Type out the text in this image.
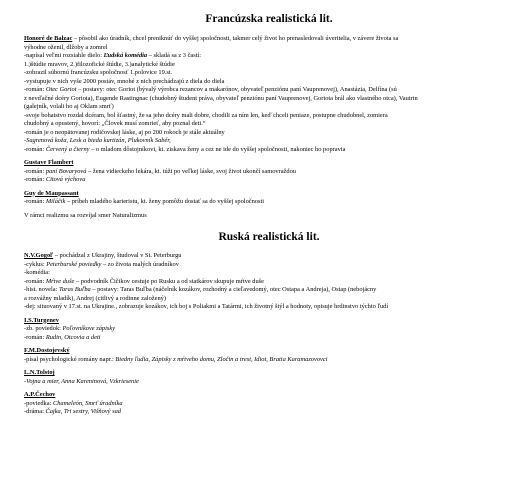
Francúzska realistická lit.
Honoré de Balzac – pôsobil ako úradník, chcel preniknúť do vyššej spoločnosti, takmer celý život ho prenasledovali úveritelia, v závere života sa
výhodne oženil, dlžoby a zomrel
-napísal veľmi rozsiahle dielo: Ľudská komédia – skladá sa z 3 častí:
1.)štúdie mravov, 2.)filozofické štúdie, 3.)analytické štúdie
-zobrazil súbornú francúzsku spoločnosť 1.polovice 19.st.
-vystupuje v nich vyše 2000 postáv, mnohé z nich prechádzajú z diela do diela
-román: Otec Goriot – postavy: otec Goriot (bývalý výrobca rezancov a makarónov, obyvateľ penziónu paní Vauprenovej), Anastázia, Delfína (sú
z nevďačné dcéry Goriota), Eugende Rastingnac (chudobný študent práva, obyvateľ penziónu paní Vauprenovej, Goriota brál ako vlastného otca), Vautrin
(galejník, volali ho aj Oklam smrť)
-svoje bohatstvo rozdal dcéram, bol šťastný, že sa jeho dcéry mali dobre, chodili za ním len, keď chceli peniaze, postupne chudobnel, zomiera
chudobný a opustený, hovorí: „Človek musí zomrieť, aby poznal deti.“
-román je o neopätovanej rodičovskej láske, aj po 200 rokoch je stále aktuálny
-Sagrenová koža, Lesk a bieda kurtizán, Plukovník Sabér,
-román: Červený a čierny – o mladom dôstojníkovi, kt. ziskava ženy a cez ne ide do vyššej spoločnosti, nakoniec ho popravia
Gustave Flambert
-román: paní Bovaryová – žena vidieckeho lekára, kt. túži po veľkej láske, svoj život ukončí samovraždou
-román: Citová výchova
Guy de Maupassant
-román: Miláčik – príbeh mladého karieristu, kt. ženy pomôžu dostať sa do vyššej spoločnosti
V rámci realizmu sa rozvíjal smer Naturalizmus
Ruská realistická lit.
N.V.Gogoľ – pochádzal z Ukrajiny, študoval v St. Peterburgu
-cyklus: Peterburské poviedky – zo života malých úradníkov
-komédia:
-román: Mŕtve duše – podvodník Čičikov cestuje po Rusku a od statkárov skupuje mŕtve duše
-hist. novela: Taras Buľba – postavy: Taras Buľba (náčelník kozákov, rozhodný a cieľavedomý, otec Ostapa a Andreja), Ostap (nebojácny
a rozvážny mladík), Andrej (citlivý a rodinne založený)
-dej: situovaný v 17.st. na Ukrajine., zobrazuje kozákov, ich boj s Poliakmi a Tatármi, ich životný štýl a hodnoty, opisuje hrdinstvo týchto ľudí
I.S.Turgenev
-zb. poviedok: Poľovníkove zápisky
-román: Rudin, Otcovia a deti
F.M.Dostojevský
-písal psychologické romány napr.: Biedny ľudia, Zápisky z mŕtveho domu, Zločin a trest, Idiot, Bratia Karamazovovci
L.N.Tolstoj
-Vojna a mier, Anna Kareninová, Vzkriesenie
A.P.Čechov
-poviedka: Chameleón, Smrť úradníka
-dráma: Čajka, Tri sestry, Višňový sad
